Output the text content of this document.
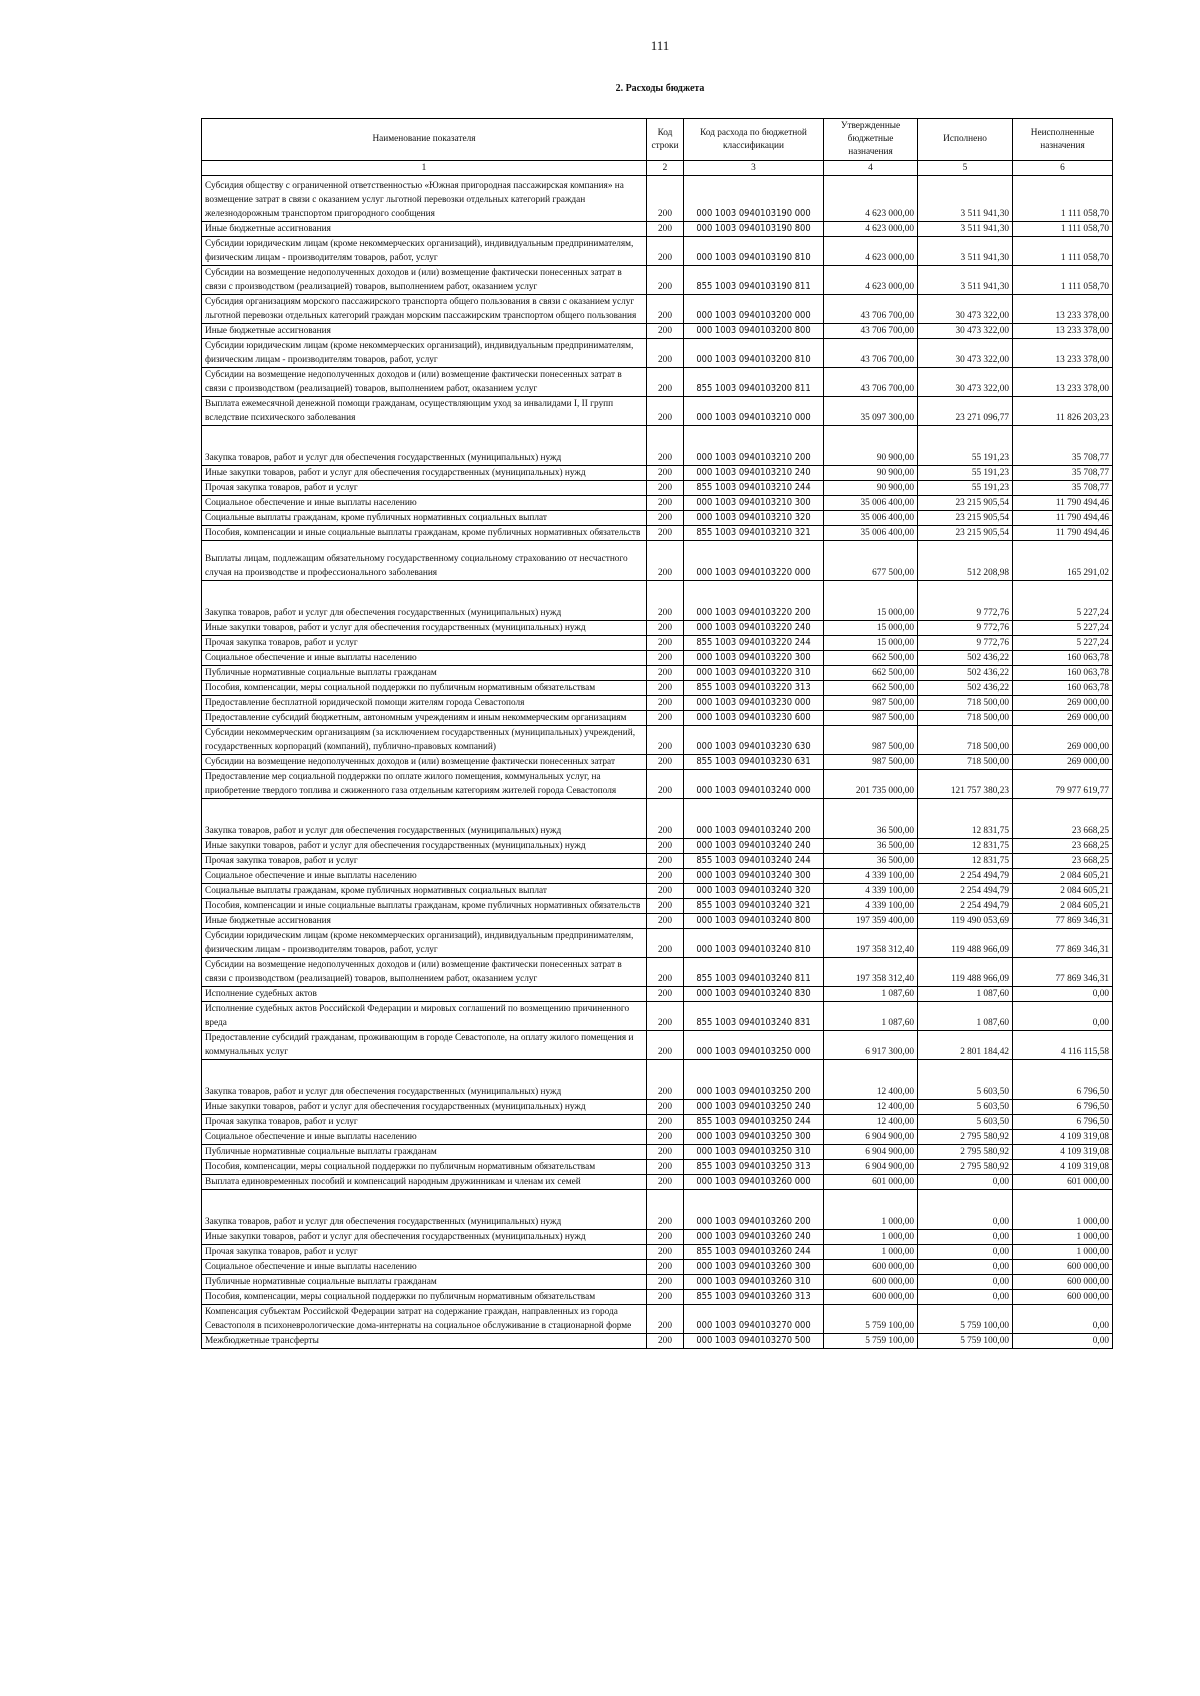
111
2. Расходы бюджета
Наименование показателя	Код строки	Код расхода по бюджетной классификации	Утвержденные бюджетные назначения	Исполнено	Неисполненные назначения
1	2	3	4	5	6
Субсидия обществу с ограниченной ответственностью «Южная пригородная пассажирская компания» на возмещение затрат в связи с оказанием услуг льготной перевозки отдельных категорий граждан железнодорожным транспортом пригородного сообщения	200	000 1003 0940103190 000	4 623 000,00	3 511 941,30	1 111 058,70
Иные бюджетные ассигнования	200	000 1003 0940103190 800	4 623 000,00	3 511 941,30	1 111 058,70
Субсидии юридическим лицам (кроме некоммерческих организаций), индивидуальным предпринимателям, физическим лицам - производителям товаров, работ, услуг	200	000 1003 0940103190 810	4 623 000,00	3 511 941,30	1 111 058,70
Субсидии на возмещение недополученных доходов и (или) возмещение фактически понесенных затрат в связи с производством (реализацией) товаров, выполнением работ, оказанием услуг	200	855 1003 0940103190 811	4 623 000,00	3 511 941,30	1 111 058,70
Субсидия организациям морского пассажирского транспорта общего пользования в связи с оказанием услуг льготной перевозки отдельных категорий граждан морским пассажирским транспортом общего пользования	200	000 1003 0940103200 000	43 706 700,00	30 473 322,00	13 233 378,00
Иные бюджетные ассигнования	200	000 1003 0940103200 800	43 706 700,00	30 473 322,00	13 233 378,00
Субсидии юридическим лицам (кроме некоммерческих организаций), индивидуальным предпринимателям, физическим лицам - производителям товаров, работ, услуг	200	000 1003 0940103200 810	43 706 700,00	30 473 322,00	13 233 378,00
Субсидии на возмещение недополученных доходов и (или) возмещение фактически понесенных затрат в связи с производством (реализацией) товаров, выполнением работ, оказанием услуг	200	855 1003 0940103200 811	43 706 700,00	30 473 322,00	13 233 378,00
Выплата ежемесячной денежной помощи гражданам, осуществляющим уход за инвалидами I, II групп вследствие психического заболевания	200	000 1003 0940103210 000	35 097 300,00	23 271 096,77	11 826 203,23
Закупка товаров, работ и услуг для обеспечения государственных (муниципальных) нужд	200	000 1003 0940103210 200	90 900,00	55 191,23	35 708,77
Иные закупки товаров, работ и услуг для обеспечения государственных (муниципальных) нужд	200	000 1003 0940103210 240	90 900,00	55 191,23	35 708,77
Прочая закупка товаров, работ и услуг	200	855 1003 0940103210 244	90 900,00	55 191,23	35 708,77
Социальное обеспечение и иные выплаты населению	200	000 1003 0940103210 300	35 006 400,00	23 215 905,54	11 790 494,46
Социальные выплаты гражданам, кроме публичных нормативных социальных выплат	200	000 1003 0940103210 320	35 006 400,00	23 215 905,54	11 790 494,46
Пособия, компенсации и иные социальные выплаты гражданам, кроме публичных нормативных обязательств	200	855 1003 0940103210 321	35 006 400,00	23 215 905,54	11 790 494,46
Выплаты лицам, подлежащим обязательному государственному социальному страхованию от несчастного случая на производстве и профессионального заболевания	200	000 1003 0940103220 000	677 500,00	512 208,98	165 291,02
Закупка товаров, работ и услуг для обеспечения государственных (муниципальных) нужд	200	000 1003 0940103220 200	15 000,00	9 772,76	5 227,24
Иные закупки товаров, работ и услуг для обеспечения государственных (муниципальных) нужд	200	000 1003 0940103220 240	15 000,00	9 772,76	5 227,24
Прочая закупка товаров, работ и услуг	200	855 1003 0940103220 244	15 000,00	9 772,76	5 227,24
Социальное обеспечение и иные выплаты населению	200	000 1003 0940103220 300	662 500,00	502 436,22	160 063,78
Публичные нормативные социальные выплаты гражданам	200	000 1003 0940103220 310	662 500,00	502 436,22	160 063,78
Пособия, компенсации, меры социальной поддержки по публичным нормативным обязательствам	200	855 1003 0940103220 313	662 500,00	502 436,22	160 063,78
Предоставление бесплатной юридической помощи жителям города Севастополя	200	000 1003 0940103230 000	987 500,00	718 500,00	269 000,00
Предоставление субсидий бюджетным, автономным учреждениям и иным некоммерческим организациям	200	000 1003 0940103230 600	987 500,00	718 500,00	269 000,00
Субсидии некоммерческим организациям (за исключением государственных (муниципальных) учреждений, государственных корпораций (компаний), публично-правовых компаний)	200	000 1003 0940103230 630	987 500,00	718 500,00	269 000,00
Субсидии на возмещение недополученных доходов и (или) возмещение фактически понесенных затрат	200	855 1003 0940103230 631	987 500,00	718 500,00	269 000,00
Предоставление мер социальной поддержки по оплате жилого помещения, коммунальных услуг, на приобретение твердого топлива и сжиженного газа отдельным категориям жителей города Севастополя	200	000 1003 0940103240 000	201 735 000,00	121 757 380,23	79 977 619,77
Закупка товаров, работ и услуг для обеспечения государственных (муниципальных) нужд	200	000 1003 0940103240 200	36 500,00	12 831,75	23 668,25
Иные закупки товаров, работ и услуг для обеспечения государственных (муниципальных) нужд	200	000 1003 0940103240 240	36 500,00	12 831,75	23 668,25
Прочая закупка товаров, работ и услуг	200	855 1003 0940103240 244	36 500,00	12 831,75	23 668,25
Социальное обеспечение и иные выплаты населению	200	000 1003 0940103240 300	4 339 100,00	2 254 494,79	2 084 605,21
Социальные выплаты гражданам, кроме публичных нормативных социальных выплат	200	000 1003 0940103240 320	4 339 100,00	2 254 494,79	2 084 605,21
Пособия, компенсации и иные социальные выплаты гражданам, кроме публичных нормативных обязательств	200	855 1003 0940103240 321	4 339 100,00	2 254 494,79	2 084 605,21
Иные бюджетные ассигнования	200	000 1003 0940103240 800	197 359 400,00	119 490 053,69	77 869 346,31
Субсидии юридическим лицам (кроме некоммерческих организаций), индивидуальным предпринимателям, физическим лицам - производителям товаров, работ, услуг	200	000 1003 0940103240 810	197 358 312,40	119 488 966,09	77 869 346,31
Субсидии на возмещение недополученных доходов и (или) возмещение фактически понесенных затрат в связи с производством (реализацией) товаров, выполнением работ, оказанием услуг	200	855 1003 0940103240 811	197 358 312,40	119 488 966,09	77 869 346,31
Исполнение судебных актов	200	000 1003 0940103240 830	1 087,60	1 087,60	0,00
Исполнение судебных актов Российской Федерации и мировых соглашений по возмещению причиненного вреда	200	855 1003 0940103240 831	1 087,60	1 087,60	0,00
Предоставление субсидий гражданам, проживающим в городе Севастополе, на оплату жилого помещения и коммунальных услуг	200	000 1003 0940103250 000	6 917 300,00	2 801 184,42	4 116 115,58
Закупка товаров, работ и услуг для обеспечения государственных (муниципальных) нужд	200	000 1003 0940103250 200	12 400,00	5 603,50	6 796,50
Иные закупки товаров, работ и услуг для обеспечения государственных (муниципальных) нужд	200	000 1003 0940103250 240	12 400,00	5 603,50	6 796,50
Прочая закупка товаров, работ и услуг	200	855 1003 0940103250 244	12 400,00	5 603,50	6 796,50
Социальное обеспечение и иные выплаты населению	200	000 1003 0940103250 300	6 904 900,00	2 795 580,92	4 109 319,08
Публичные нормативные социальные выплаты гражданам	200	000 1003 0940103250 310	6 904 900,00	2 795 580,92	4 109 319,08
Пособия, компенсации, меры социальной поддержки по публичным нормативным обязательствам	200	855 1003 0940103250 313	6 904 900,00	2 795 580,92	4 109 319,08
Выплата единовременных пособий и компенсаций народным дружинникам и членам их семей	200	000 1003 0940103260 000	601 000,00	0,00	601 000,00
Закупка товаров, работ и услуг для обеспечения государственных (муниципальных) нужд	200	000 1003 0940103260 200	1 000,00	0,00	1 000,00
Иные закупки товаров, работ и услуг для обеспечения государственных (муниципальных) нужд	200	000 1003 0940103260 240	1 000,00	0,00	1 000,00
Прочая закупка товаров, работ и услуг	200	855 1003 0940103260 244	1 000,00	0,00	1 000,00
Социальное обеспечение и иные выплаты населению	200	000 1003 0940103260 300	600 000,00	0,00	600 000,00
Публичные нормативные социальные выплаты гражданам	200	000 1003 0940103260 310	600 000,00	0,00	600 000,00
Пособия, компенсации, меры социальной поддержки по публичным нормативным обязательствам	200	855 1003 0940103260 313	600 000,00	0,00	600 000,00
Компенсация субъектам Российской Федерации затрат на содержание граждан, направленных из города Севастополя в психоневрологические дома-интернаты на социальное обслуживание в стационарной форме	200	000 1003 0940103270 000	5 759 100,00	5 759 100,00	0,00
Межбюджетные трансферты	200	000 1003 0940103270 500	5 759 100,00	5 759 100,00	0,00
